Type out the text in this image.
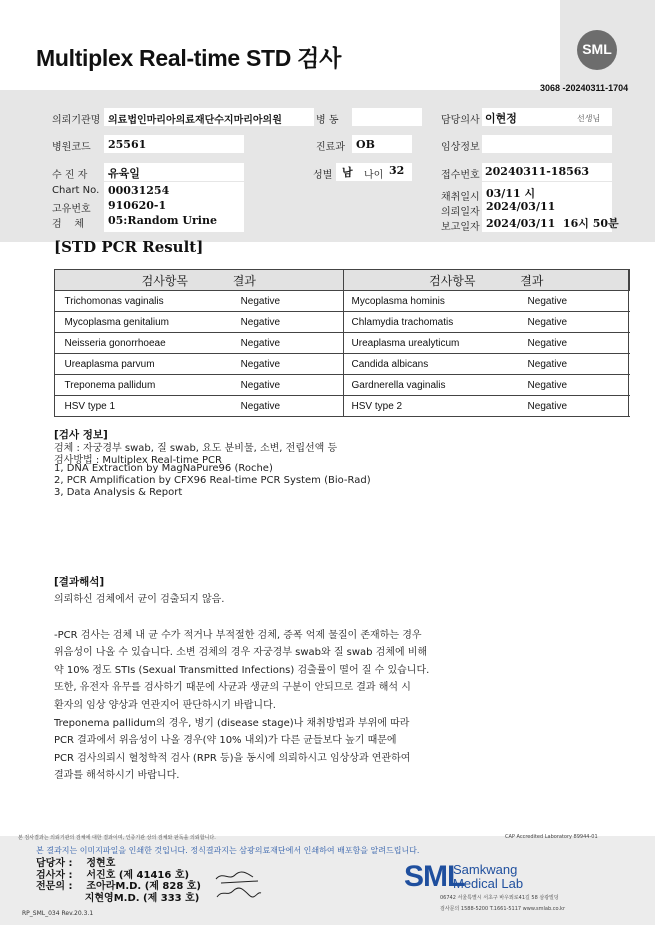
Multiplex Real-time STD 검사	SML
3068 -20240311-1704

의뢰기관명 의료법인마리아의료재단수지마리아의원	병 동	담당의사 이현정	선생님
병원코드 25561	진료과 OB	임상정보
수 진 자 유육일	성별 남 나이 32	접수번호 20240311-18563
Chart No. 00031254
고유번호 910620-1
검    체 05:Random Urine
채취일시 03/11 시
의뢰일자 2024/03/11
보고일자 2024/03/11  16시 50분
[STD PCR Result]
검사항목 결과		검사항목 결과	
Trichomonas vaginalis	Negative	Mycoplasma hominis	Negative
Mycoplasma genitalium	Negative	Chlamydia trachomatis	Negative
Neisseria gonorrhoeae	Negative	Ureaplasma urealyticum	Negative
Ureaplasma parvum	Negative	Candida albicans	Negative
Treponema pallidum	Negative	Gardnerella vaginalis	Negative
HSV type 1	Negative	HSV type 2	Negative
[검사 정보]
검체 : 자궁경부 swab, 질 swab, 요도 분비물, 소변, 전립선액 등
검사방법 : Multiplex Real-time PCR
1, DNA Extraction by MagNaPure96 (Roche)
2, PCR Amplification by CFX96 Real-time PCR System (Bio-Rad)
3, Data Analysis & Report
[결과해석]
의뢰하신 검체에서 균이 검출되지 않음.
-PCR 검사는 검체 내 균 수가 적거나 부적절한 검체, 증폭 억제 물질이 존재하는 경우
위음성이 나올 수 있습니다. 소변 검체의 경우 자궁경부 swab와 질 swab 검체에 비해
약 10% 정도 STIs (Sexual Transmitted Infections) 검출률이 떨어 질 수 있습니다.
또한, 유전자 유무를 검사하기 때문에 사균과 생균의 구분이 안되므로 결과 해석 시
환자의 임상 양상과 연관지어 판단하시기 바랍니다.
Treponema pallidum의 경우, 병기 (disease stage)나 채취방법과 부위에 따라
PCR 결과에서 위음성이 나올 경우(약 10% 내외)가 다른 균들보다 높기 때문에
PCR 검사의뢰시 혈청학적 검사 (RPR 등)을 동시에 의뢰하시고 임상상과 연관하여
결과를 해석하시기 바랍니다.
본 검사결과는 의뢰기관의 검체에 대한 결과이며, 인증기관 상의 검체와 판독을 의뢰합니다.	CAP Accredited Laboratory 89944-01
본 결과지는 이미지파일을 인쇄한 것입니다. 정식결과지는 삼광의료재단에서 인쇄하여 배포함을 알려드립니다.
담당자 :    정현호
검사자 :    서진호 (제 41416 호)
전문의 :    조아라M.D. (제 828 호)
지현영M.D. (제 333 호)
SML
Samkwang
Medical Lab
06742 서울특별시 서초구 바우뫼로41길 58 삼광빌딩
검사문의 1588-5200 T.1661-5117 www.smlab.co.kr
RP_SML_034 Rev.20.3.1
